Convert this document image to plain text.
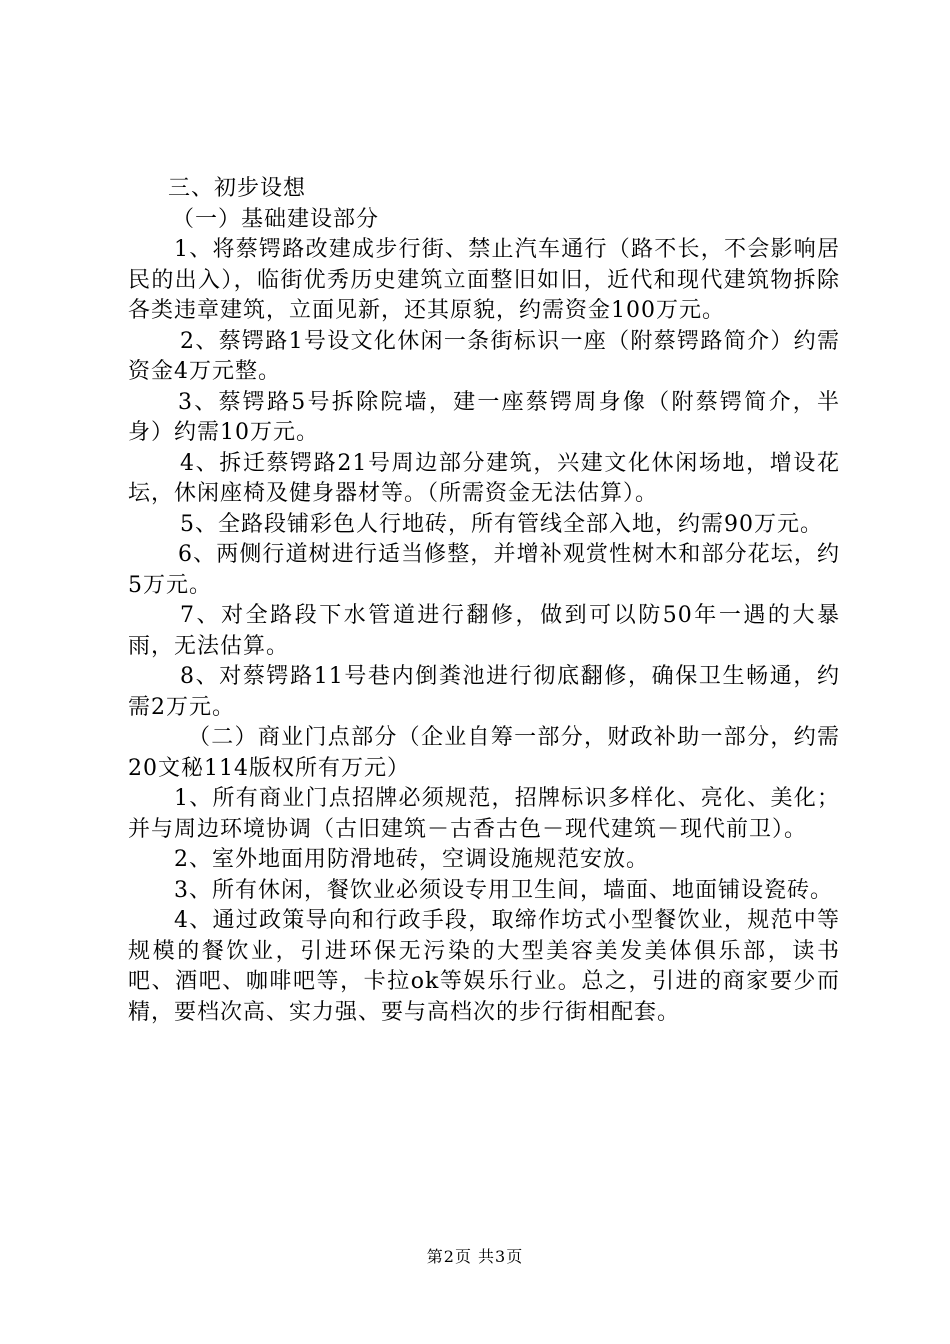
三、初步设想

（一）基础建设部分

1、将蔡锷路改建成步行街、禁止汽车通行（路不长，不会影响居民的出入），临街优秀历史建筑立面整旧如旧，近代和现代建筑物拆除各类违章建筑，立面见新，还其原貌，约需资金100万元。

2、蔡锷路1号设文化休闲一条街标识一座（附蔡锷路简介）约需资金4万元整。

3、蔡锷路5号拆除院墙，建一座蔡锷周身像（附蔡锷简介，半身）约需10万元。

4、拆迁蔡锷路21号周边部分建筑，兴建文化休闲场地，增设花坛，休闲座椅及健身器材等。（所需资金无法估算）。

5、全路段铺彩色人行地砖，所有管线全部入地，约需90万元。

6、两侧行道树进行适当修整，并增补观赏性树木和部分花坛，约5万元。

7、对全路段下水管道进行翻修，做到可以防50年一遇的大暴雨，无法估算。

8、对蔡锷路11号巷内倒粪池进行彻底翻修，确保卫生畅通，约需2万元。

（二）商业门点部分（企业自筹一部分，财政补助一部分，约需20文秘114版权所有万元）

1、所有商业门点招牌必须规范，招牌标识多样化、亮化、美化；并与周边环境协调（古旧建筑－古香古色－现代建筑－现代前卫）。

2、室外地面用防滑地砖，空调设施规范安放。

3、所有休闲，餐饮业必须设专用卫生间，墙面、地面铺设瓷砖。

4、通过政策导向和行政手段，取缔作坊式小型餐饮业，规范中等规模的餐饮业，引进环保无污染的大型美容美发美体俱乐部，读书吧、酒吧、咖啡吧等，卡拉ok等娱乐行业。总之，引进的商家要少而精，要档次高、实力强、要与高档次的步行街相配套。

第2页 共3页
